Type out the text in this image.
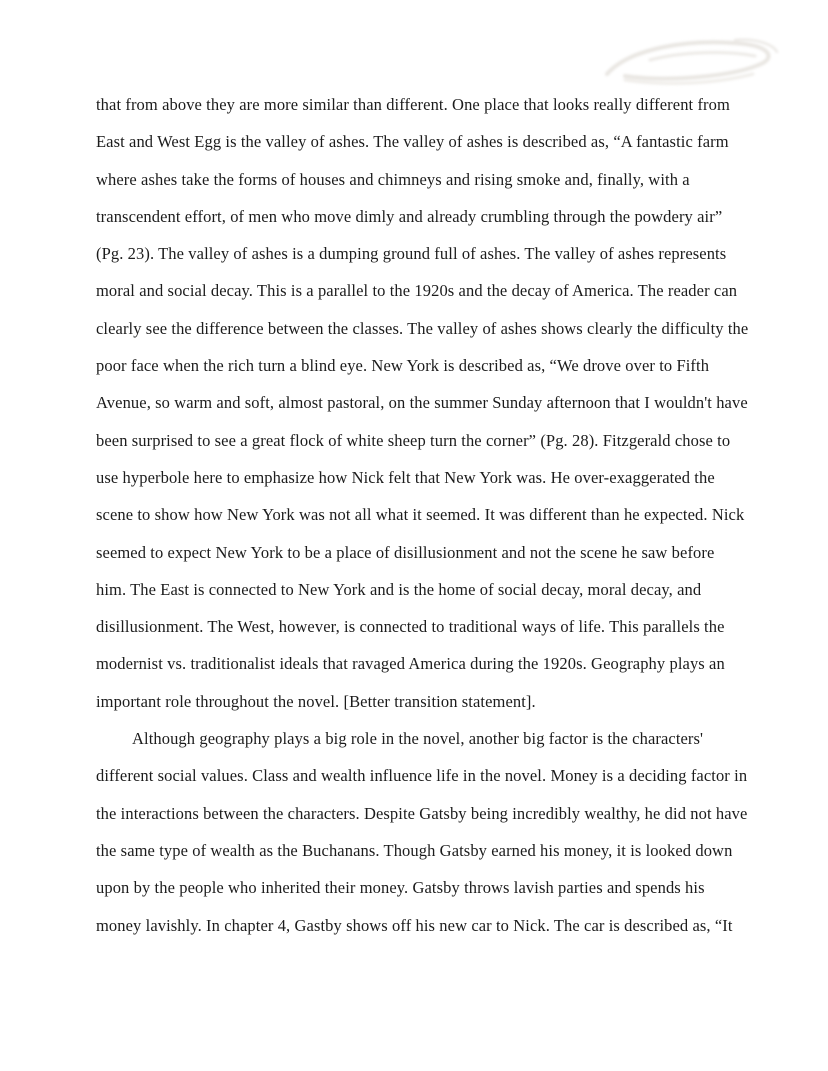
that from above they are more similar than different. One place that looks really different from
East and West Egg is the valley of ashes. The valley of ashes is described as, “A fantastic farm
where ashes take the forms of houses and chimneys and rising smoke and, finally, with a
transcendent effort, of men who move dimly and already crumbling through the powdery air”
(Pg. 23). The valley of ashes is a dumping ground full of ashes. The valley of ashes represents
moral and social decay. This is a parallel to the 1920s and the decay of America. The reader can
clearly see the difference between the classes. The valley of ashes shows clearly the difficulty the
poor face when the rich turn a blind eye. New York is described as, “We drove over to Fifth
Avenue, so warm and soft, almost pastoral, on the summer Sunday afternoon that I wouldn't have
been surprised to see a great flock of white sheep turn the corner” (Pg. 28). Fitzgerald chose to
use hyperbole here to emphasize how Nick felt that New York was. He over-exaggerated the
scene to show how New York was not all what it seemed. It was different than he expected. Nick
seemed to expect New York to be a place of disillusionment and not the scene he saw before
him. The East is connected to New York and is the home of social decay, moral decay, and
disillusionment. The West, however, is connected to traditional ways of life. This parallels the
modernist vs. traditionalist ideals that ravaged America during the 1920s. Geography plays an
important role throughout the novel. [Better transition statement].
Although geography plays a big role in the novel, another big factor is the characters'
different social values. Class and wealth influence life in the novel. Money is a deciding factor in
the interactions between the characters. Despite Gatsby being incredibly wealthy, he did not have
the same type of wealth as the Buchanans. Though Gatsby earned his money, it is looked down
upon by the people who inherited their money. Gatsby throws lavish parties and spends his
money lavishly. In chapter 4, Gastby shows off his new car to Nick. The car is described as, “It
